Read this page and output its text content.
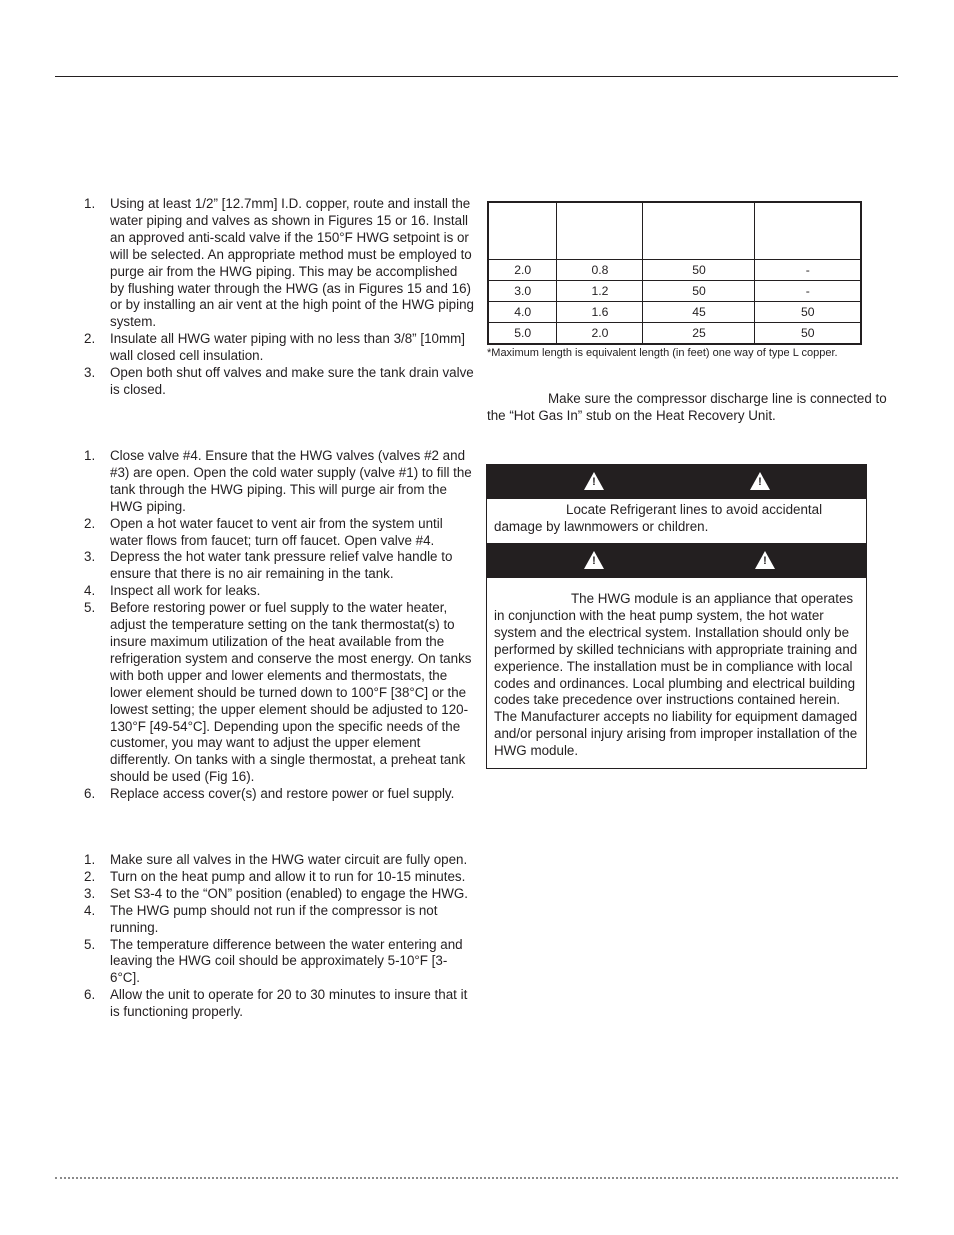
1. Using at least 1/2” [12.7mm] I.D. copper, route and install the water piping and valves as shown in Figures 15 or 16. Install an approved anti-scald valve if the 150°F HWG setpoint is or will be selected. An appropriate method must be employed to purge air from the HWG piping. This may be accomplished by flushing water through the HWG (as in Figures 15 and 16) or by installing an air vent at the high point of the HWG piping system.
2. Insulate all HWG water piping with no less than 3/8” [10mm] wall closed cell insulation.
3. Open both shut off valves and make sure the tank drain valve is closed.
1. Close valve #4. Ensure that the HWG valves (valves #2 and #3) are open. Open the cold water supply (valve #1) to fill the tank through the HWG piping. This will purge air from the HWG piping.
2. Open a hot water faucet to vent air from the system until water flows from faucet; turn off faucet. Open valve #4.
3. Depress the hot water tank pressure relief valve handle to ensure that there is no air remaining in the tank.
4. Inspect all work for leaks.
5. Before restoring power or fuel supply to the water heater, adjust the temperature setting on the tank thermostat(s) to insure maximum utilization of the heat available from the refrigeration system and conserve the most energy. On tanks with both upper and lower elements and thermostats, the lower element should be turned down to 100°F [38°C] or the lowest setting; the upper element should be adjusted to 120-130°F [49-54°C]. Depending upon the specific needs of the customer, you may want to adjust the upper element differently. On tanks with a single thermostat, a preheat tank should be used (Fig 16).
6. Replace access cover(s) and restore power or fuel supply.
1. Make sure all valves in the HWG water circuit are fully open.
2. Turn on the heat pump and allow it to run for 10-15 minutes.
3. Set S3-4 to the “ON” position (enabled) to engage the HWG.
4. The HWG pump should not run if the compressor is not running.
5. The temperature difference between the water entering and leaving the HWG coil should be approximately 5-10°F [3-6°C].
6. Allow the unit to operate for 20 to 30 minutes to insure that it is functioning properly.

2.0	0.8	50	-
3.0	1.2	50	-
4.0	1.6	45	50
5.0	2.0	25	50

*Maximum length is equivalent length (in feet) one way of type L copper.

Make sure the compressor discharge line is connected to the “Hot Gas In” stub on the Heat Recovery Unit.

!	!
Locate Refrigerant lines to avoid accidental damage by lawnmowers or children.
!	!
The HWG module is an appliance that operates in conjunction with the heat pump system, the hot water system and the electrical system. Installation should only be performed by skilled technicians with appropriate training and experience. The installation must be in compliance with local codes and ordinances. Local plumbing and electrical building codes take precedence over instructions contained herein. The Manufacturer accepts no liability for equipment damaged and/or personal injury arising from improper installation of the HWG module.
